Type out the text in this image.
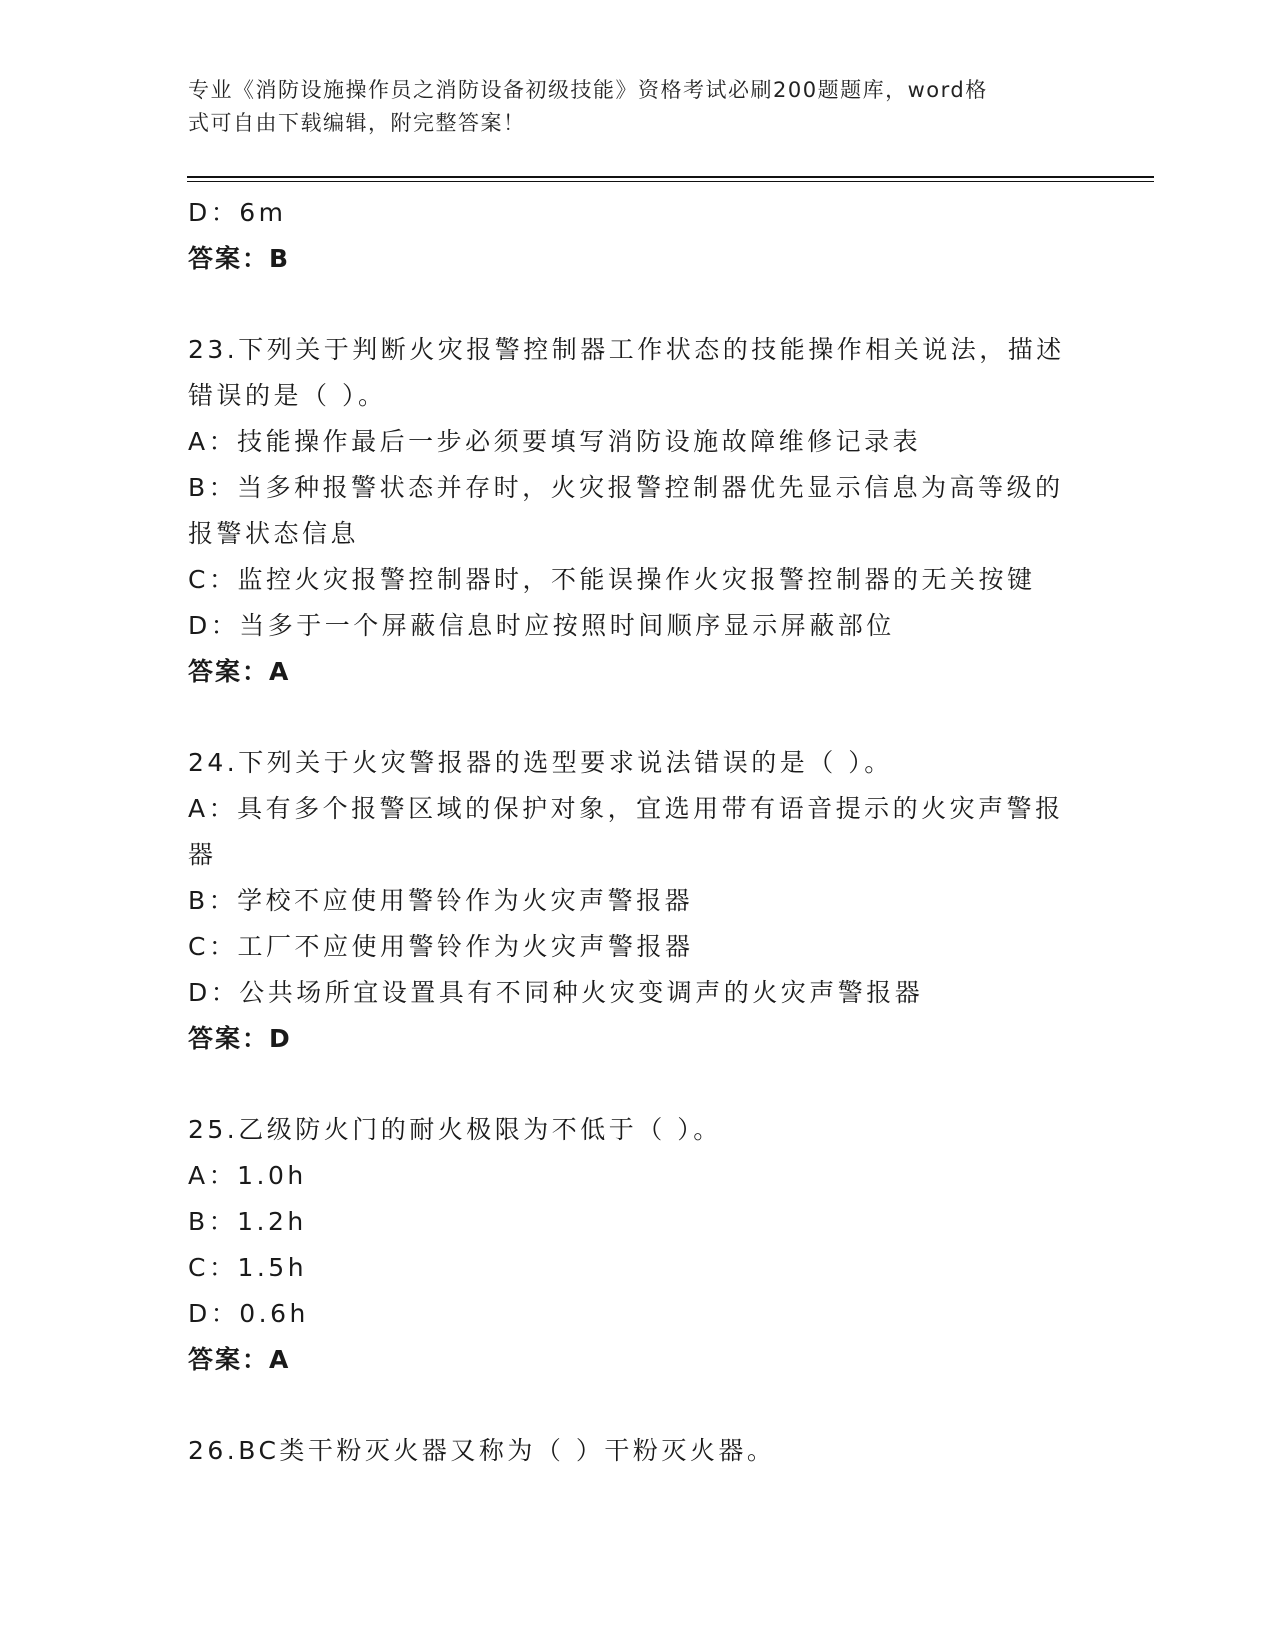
专业《消防设施操作员之消防设备初级技能》资格考试必刷200题题库，word格
式可自由下载编辑，附完整答案！
D：6m
答案：B
23.下列关于判断火灾报警控制器工作状态的技能操作相关说法，描述
错误的是（ ）。
A：技能操作最后一步必须要填写消防设施故障维修记录表
B：当多种报警状态并存时，火灾报警控制器优先显示信息为高等级的
报警状态信息
C：监控火灾报警控制器时，不能误操作火灾报警控制器的无关按键
D：当多于一个屏蔽信息时应按照时间顺序显示屏蔽部位
答案：A
24.下列关于火灾警报器的选型要求说法错误的是（ ）。
A：具有多个报警区域的保护对象，宜选用带有语音提示的火灾声警报
器
B：学校不应使用警铃作为火灾声警报器
C：工厂不应使用警铃作为火灾声警报器
D：公共场所宜设置具有不同种火灾变调声的火灾声警报器
答案：D
25.乙级防火门的耐火极限为不低于（ ）。
A：1.0h
B：1.2h
C：1.5h
D：0.6h
答案：A
26.BC类干粉灭火器又称为（ ）干粉灭火器。
